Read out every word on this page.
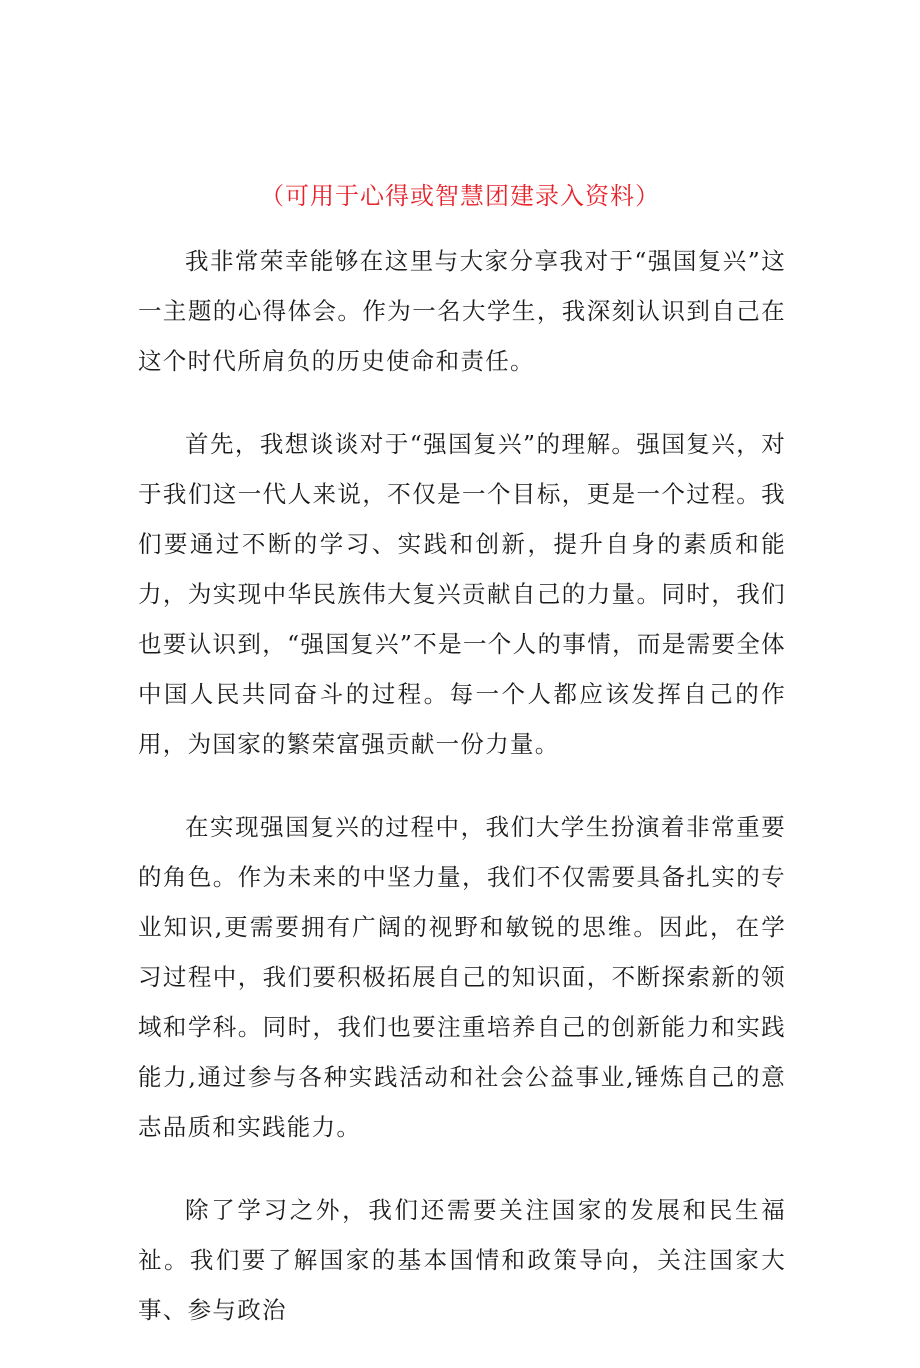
（可用于心得或智慧团建录入资料）

我非常荣幸能够在这里与大家分享我对于“强国复兴”这一主题的心得体会。作为一名大学生，我深刻认识到自己在这个时代所肩负的历史使命和责任。

首先，我想谈谈对于“强国复兴”的理解。强国复兴，对于我们这一代人来说，不仅是一个目标，更是一个过程。我们要通过不断的学习、实践和创新，提升自身的素质和能力，为实现中华民族伟大复兴贡献自己的力量。同时，我们也要认识到，“强国复兴”不是一个人的事情，而是需要全体中国人民共同奋斗的过程。每一个人都应该发挥自己的作用，为国家的繁荣富强贡献一份力量。

在实现强国复兴的过程中，我们大学生扮演着非常重要的角色。作为未来的中坚力量，我们不仅需要具备扎实的专业知识,更需要拥有广阔的视野和敏锐的思维。因此，在学习过程中，我们要积极拓展自己的知识面，不断探索新的领域和学科。同时，我们也要注重培养自己的创新能力和实践能力,通过参与各种实践活动和社会公益事业,锤炼自己的意志品质和实践能力。

除了学习之外，我们还需要关注国家的发展和民生福祉。我们要了解国家的基本国情和政策导向，关注国家大事、参与政治
